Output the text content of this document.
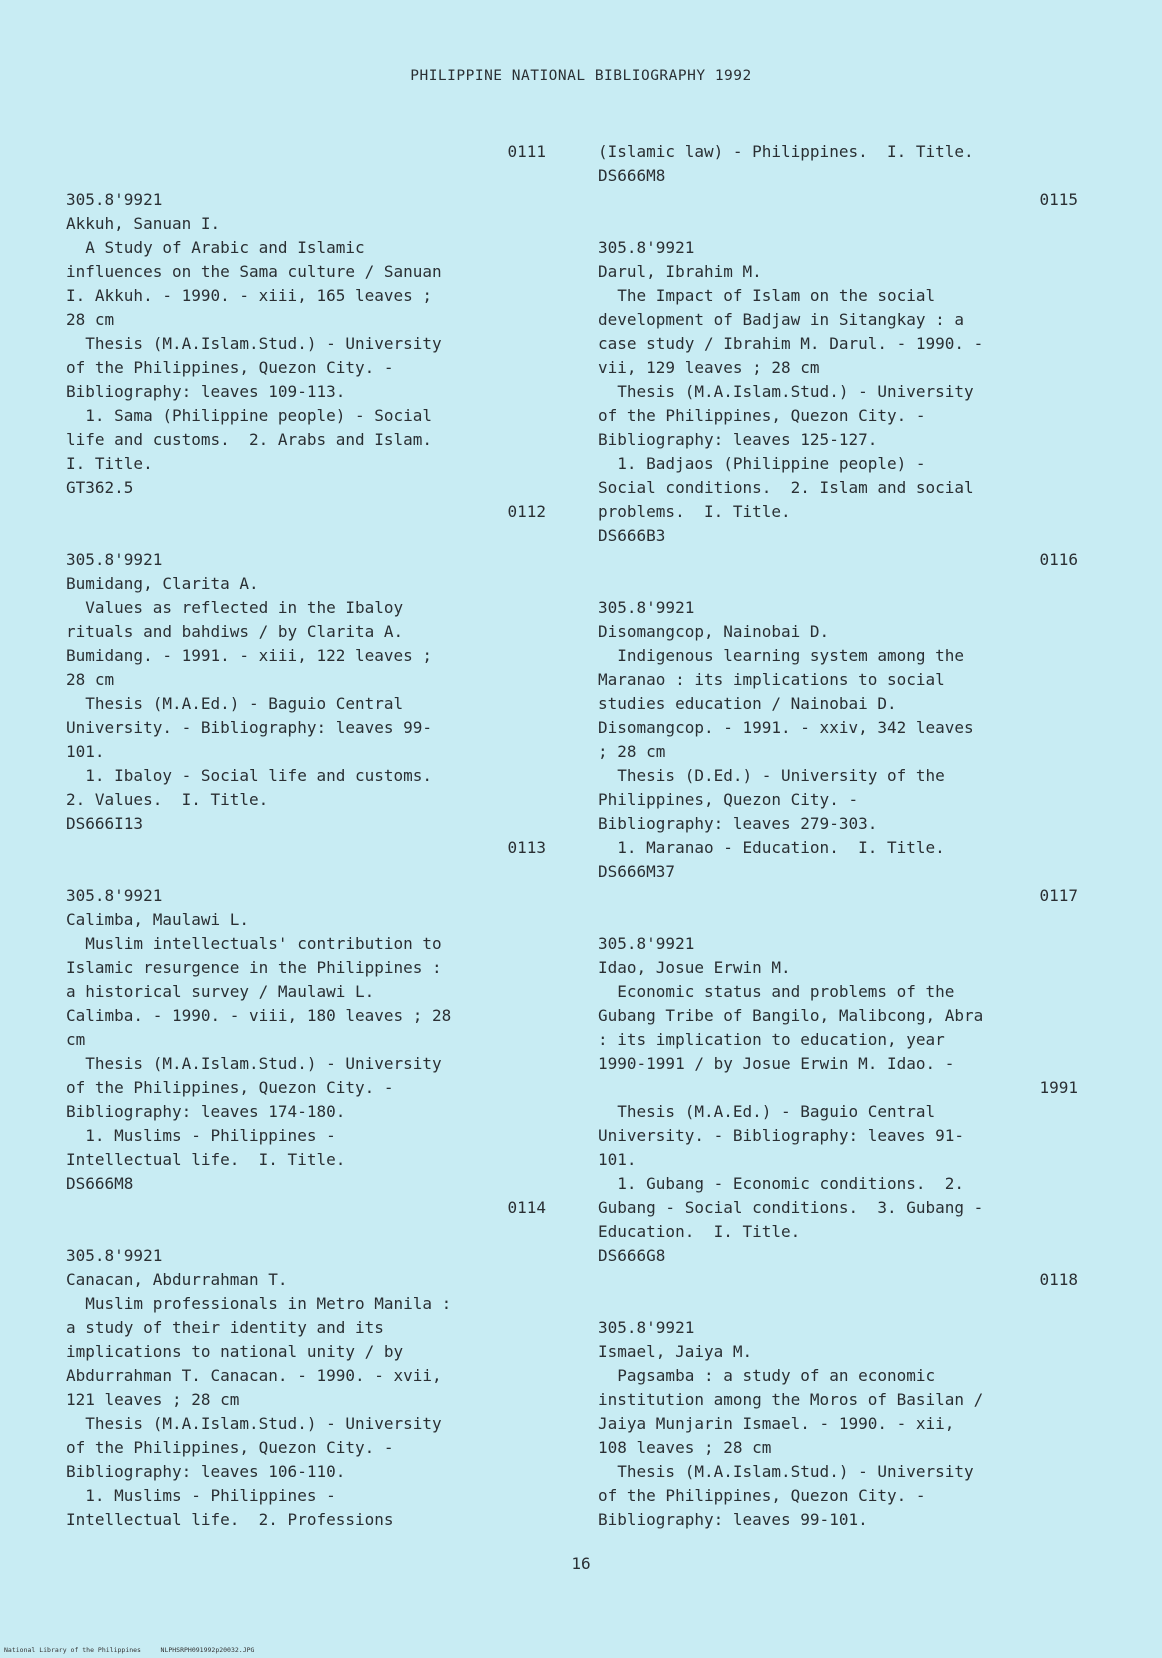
PHILIPPINE NATIONAL BIBLIOGRAPHY 1992
0111
305.8'9921
Akkuh, Sanuan I.
A Study of Arabic and Islamic
influences on the Sama culture / Sanuan
I. Akkuh. - 1990. - xiii, 165 leaves ;
28 cm
Thesis (M.A.Islam.Stud.) - University
of the Philippines, Quezon City. -
Bibliography: leaves 109-113.
1. Sama (Philippine people) - Social
life and customs.  2. Arabs and Islam.
I. Title.
GT362.5
0112
305.8'9921
Bumidang, Clarita A.
Values as reflected in the Ibaloy
rituals and bahdiws / by Clarita A.
Bumidang. - 1991. - xiii, 122 leaves ;
28 cm
Thesis (M.A.Ed.) - Baguio Central
University. - Bibliography: leaves 99-
101.
1. Ibaloy - Social life and customs.
2. Values.  I. Title.
DS666I13
0113
305.8'9921
Calimba, Maulawi L.
Muslim intellectuals' contribution to
Islamic resurgence in the Philippines :
a historical survey / Maulawi L.
Calimba. - 1990. - viii, 180 leaves ; 28
cm
Thesis (M.A.Islam.Stud.) - University
of the Philippines, Quezon City. -
Bibliography: leaves 174-180.
1. Muslims - Philippines -
Intellectual life.  I. Title.
DS666M8
0114
305.8'9921
Canacan, Abdurrahman T.
Muslim professionals in Metro Manila :
a study of their identity and its
implications to national unity / by
Abdurrahman T. Canacan. - 1990. - xvii,
121 leaves ; 28 cm
Thesis (M.A.Islam.Stud.) - University
of the Philippines, Quezon City. -
Bibliography: leaves 106-110.
1. Muslims - Philippines -
Intellectual life.  2. Professions
(Islamic law) - Philippines.  I. Title.
DS666M8
0115
305.8'9921
Darul, Ibrahim M.
The Impact of Islam on the social
development of Badjaw in Sitangkay : a
case study / Ibrahim M. Darul. - 1990. -
vii, 129 leaves ; 28 cm
Thesis (M.A.Islam.Stud.) - University
of the Philippines, Quezon City. -
Bibliography: leaves 125-127.
1. Badjaos (Philippine people) -
Social conditions.  2. Islam and social
problems.  I. Title.
DS666B3
0116
305.8'9921
Disomangcop, Nainobai D.
Indigenous learning system among the
Maranao : its implications to social
studies education / Nainobai D.
Disomangcop. - 1991. - xxiv, 342 leaves
; 28 cm
Thesis (D.Ed.) - University of the
Philippines, Quezon City. -
Bibliography: leaves 279-303.
1. Maranao - Education.  I. Title.
DS666M37
0117
305.8'9921
Idao, Josue Erwin M.
Economic status and problems of the
Gubang Tribe of Bangilo, Malibcong, Abra
: its implication to education, year
1990-1991 / by Josue Erwin M. Idao. -
1991
Thesis (M.A.Ed.) - Baguio Central
University. - Bibliography: leaves 91-
101.
1. Gubang - Economic conditions.  2.
Gubang - Social conditions.  3. Gubang -
Education.  I. Title.
DS666G8
0118
305.8'9921
Ismael, Jaiya M.
Pagsamba : a study of an economic
institution among the Moros of Basilan /
Jaiya Munjarin Ismael. - 1990. - xii,
108 leaves ; 28 cm
Thesis (M.A.Islam.Stud.) - University
of the Philippines, Quezon City. -
Bibliography: leaves 99-101.
16
National Library of the Philippines     NLPHSRPH091992p20032.JPG
